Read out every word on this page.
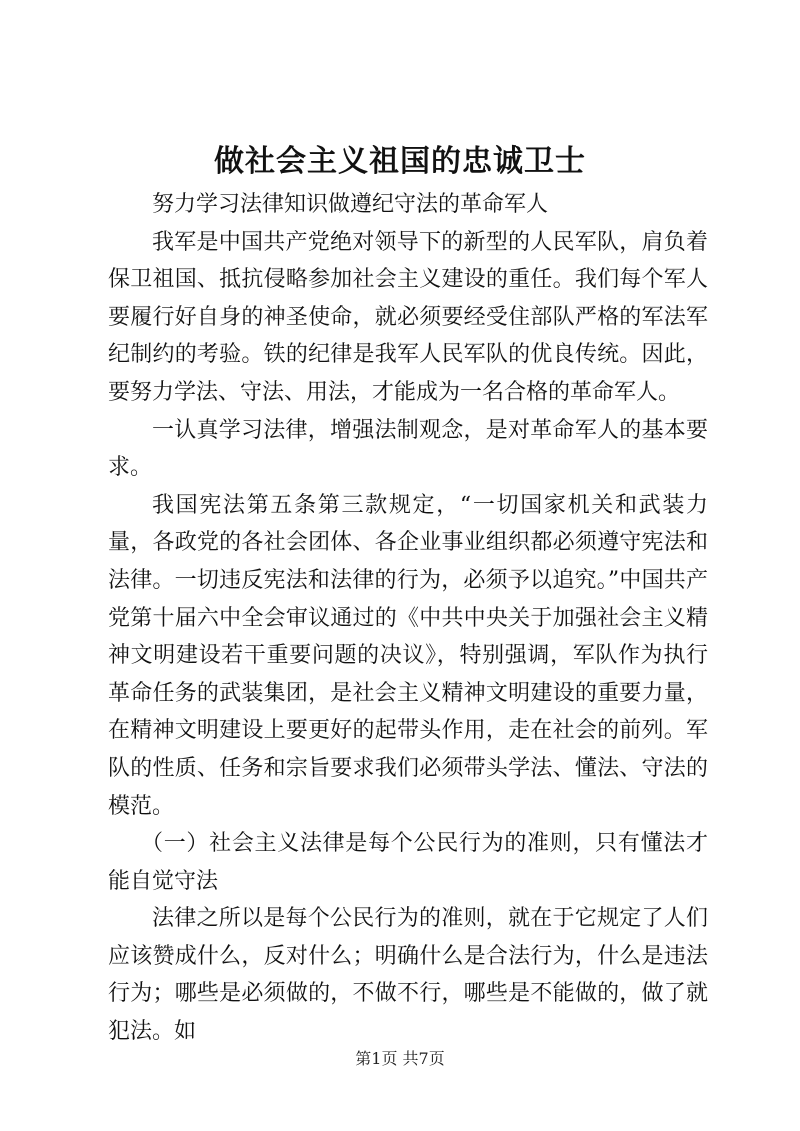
做社会主义祖国的忠诚卫士

努力学习法律知识做遵纪守法的革命军人

我军是中国共产党绝对领导下的新型的人民军队，肩负着保卫祖国、抵抗侵略参加社会主义建设的重任。我们每个军人要履行好自身的神圣使命，就必须要经受住部队严格的军法军纪制约的考验。铁的纪律是我军人民军队的优良传统。因此，要努力学法、守法、用法，才能成为一名合格的革命军人。

一认真学习法律，增强法制观念，是对革命军人的基本要求。

我国宪法第五条第三款规定，“一切国家机关和武装力量，各政党的各社会团体、各企业事业组织都必须遵守宪法和法律。一切违反宪法和法律的行为，必须予以追究。”中国共产党第十届六中全会审议通过的《中共中央关于加强社会主义精神文明建设若干重要问题的决议》，特别强调，军队作为执行革命任务的武装集团，是社会主义精神文明建设的重要力量，在精神文明建设上要更好的起带头作用，走在社会的前列。军队的性质、任务和宗旨要求我们必须带头学法、懂法、守法的模范。

（一）社会主义法律是每个公民行为的准则，只有懂法才能自觉守法

法律之所以是每个公民行为的准则，就在于它规定了人们应该赞成什么，反对什么；明确什么是合法行为，什么是违法行为；哪些是必须做的，不做不行，哪些是不能做的，做了就犯法。如

第1页 共7页
